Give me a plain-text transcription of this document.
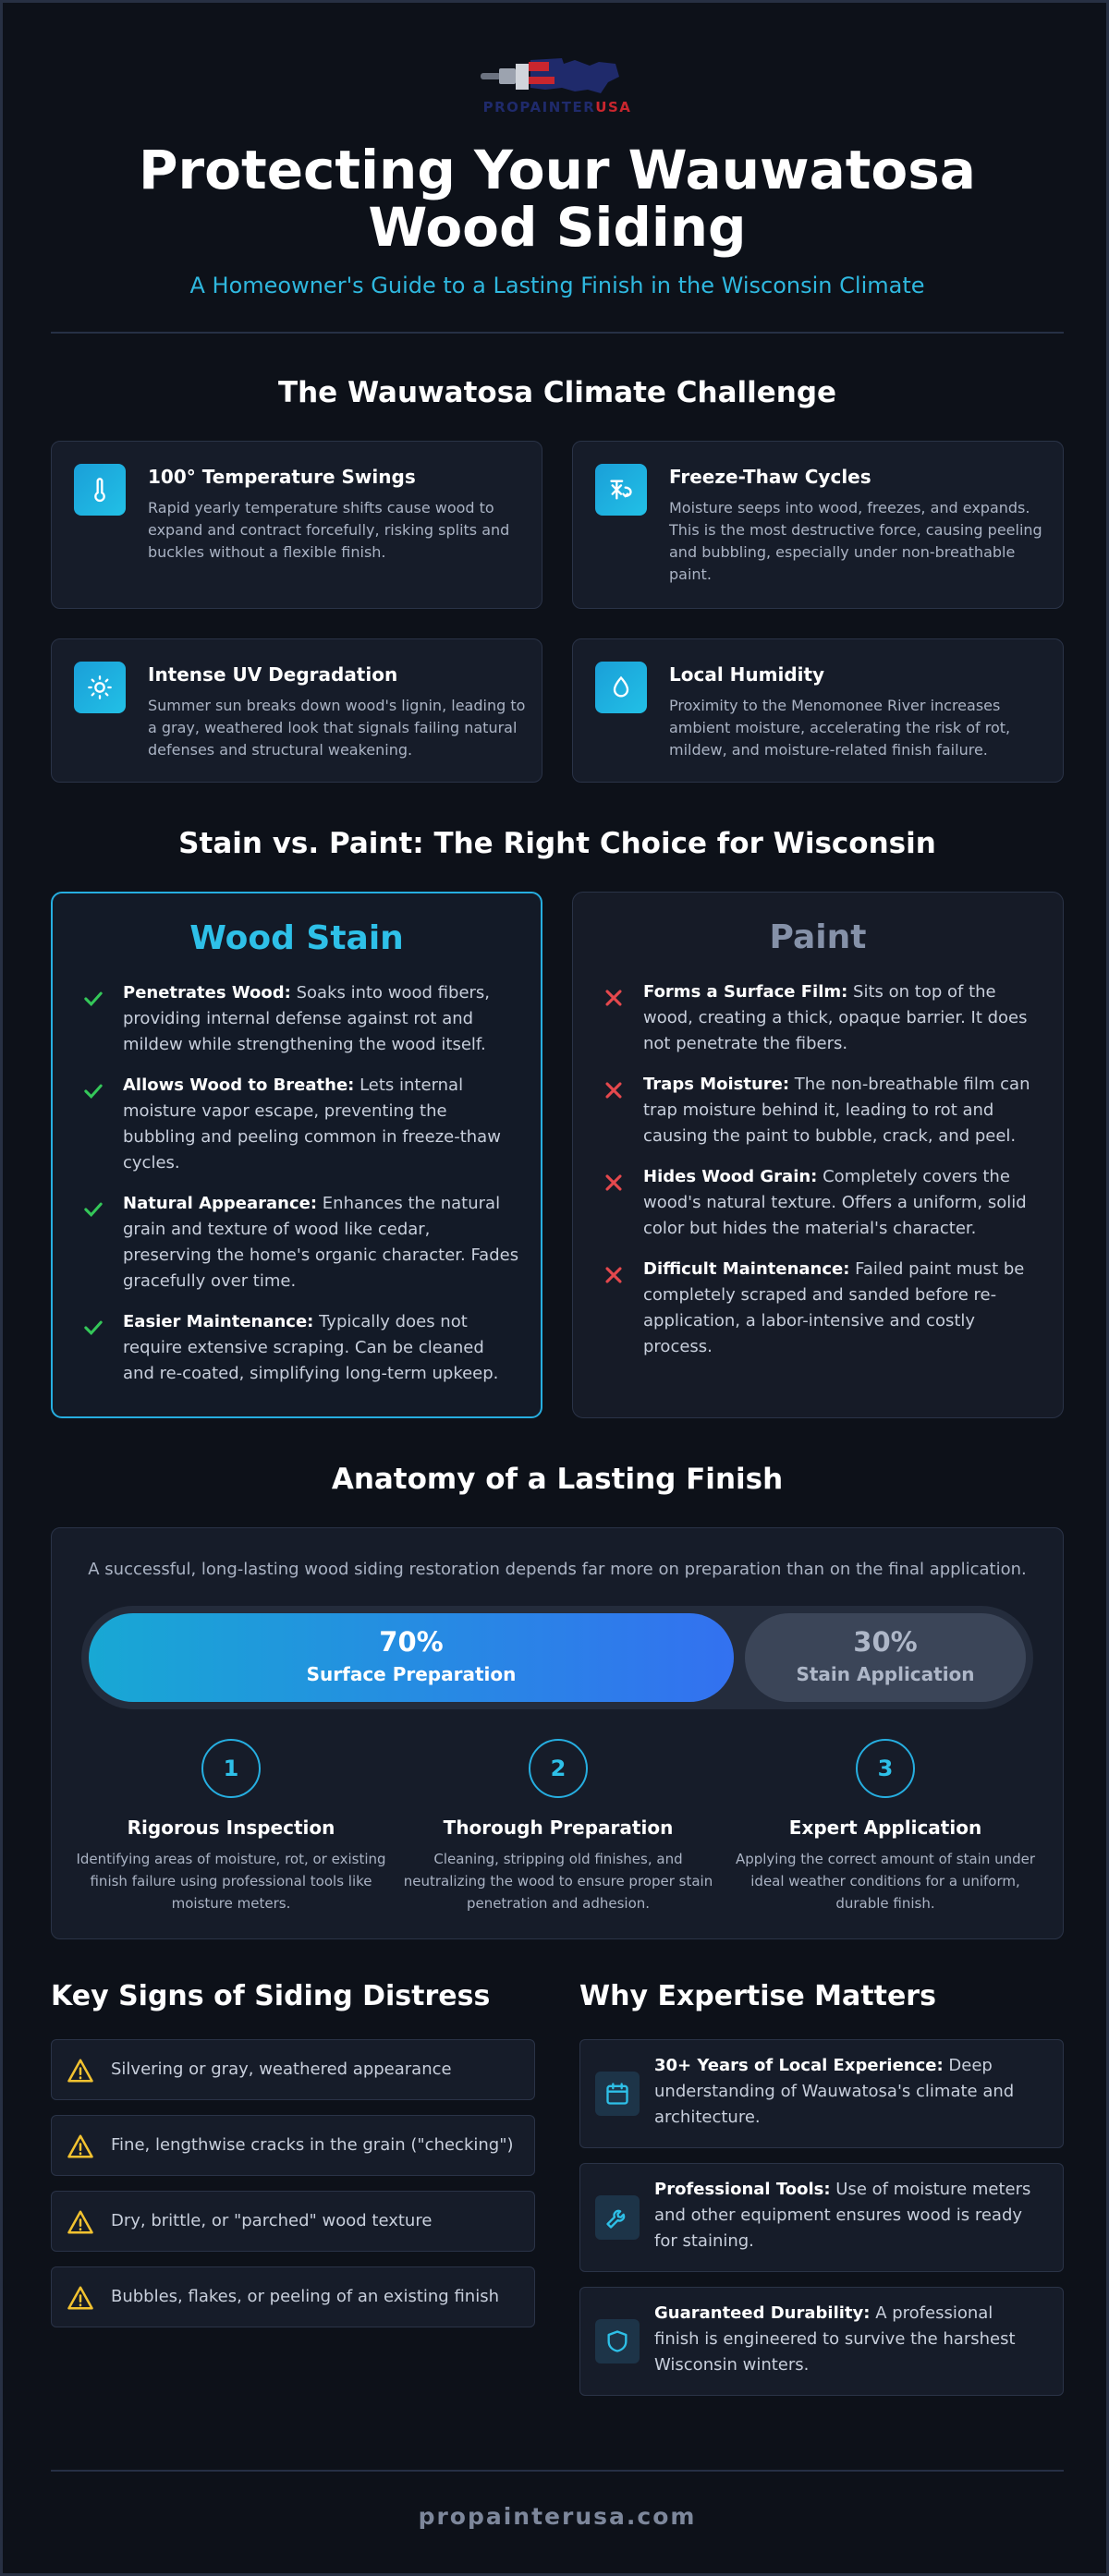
PROPAINTERUSA
Protecting Your Wauwatosa
Wood Siding
A Homeowner's Guide to a Lasting Finish in the Wisconsin Climate
The Wauwatosa Climate Challenge
100° Temperature Swings
Rapid yearly temperature shifts cause wood to expand and contract forcefully, risking splits and buckles without a flexible finish.
Freeze-Thaw Cycles
Moisture seeps into wood, freezes, and expands. This is the most destructive force, causing peeling and bubbling, especially under non-breathable paint.
Intense UV Degradation
Summer sun breaks down wood's lignin, leading to a gray, weathered look that signals failing natural defenses and structural weakening.
Local Humidity
Proximity to the Menomonee River increases ambient moisture, accelerating the risk of rot, mildew, and moisture-related finish failure.
Stain vs. Paint: The Right Choice for Wisconsin
Wood Stain
Penetrates Wood: Soaks into wood fibers, providing internal defense against rot and mildew while strengthening the wood itself.
Allows Wood to Breathe: Lets internal moisture vapor escape, preventing the bubbling and peeling common in freeze-thaw cycles.
Natural Appearance: Enhances the natural grain and texture of wood like cedar, preserving the home's organic character. Fades gracefully over time.
Easier Maintenance: Typically does not require extensive scraping. Can be cleaned and re-coated, simplifying long-term upkeep.
Paint
Forms a Surface Film: Sits on top of the wood, creating a thick, opaque barrier. It does not penetrate the fibers.
Traps Moisture: The non-breathable film can trap moisture behind it, leading to rot and causing the paint to bubble, crack, and peel.
Hides Wood Grain: Completely covers the wood's natural texture. Offers a uniform, solid color but hides the material's character.
Difficult Maintenance: Failed paint must be completely scraped and sanded before re-application, a labor-intensive and costly process.
Anatomy of a Lasting Finish
A successful, long-lasting wood siding restoration depends far more on preparation than on the final application.
70%
Surface Preparation
30%
Stain Application
1
Rigorous Inspection
Identifying areas of moisture, rot, or existing finish failure using professional tools like moisture meters.
2
Thorough Preparation
Cleaning, stripping old finishes, and neutralizing the wood to ensure proper stain penetration and adhesion.
3
Expert Application
Applying the correct amount of stain under ideal weather conditions for a uniform, durable finish.
Key Signs of Siding Distress
Silvering or gray, weathered appearance
Fine, lengthwise cracks in the grain ("checking")
Dry, brittle, or "parched" wood texture
Bubbles, flakes, or peeling of an existing finish
Why Expertise Matters
30+ Years of Local Experience: Deep understanding of Wauwatosa's climate and architecture.
Professional Tools: Use of moisture meters and other equipment ensures wood is ready for staining.
Guaranteed Durability: A professional finish is engineered to survive the harshest Wisconsin winters.
propainterusa.com
